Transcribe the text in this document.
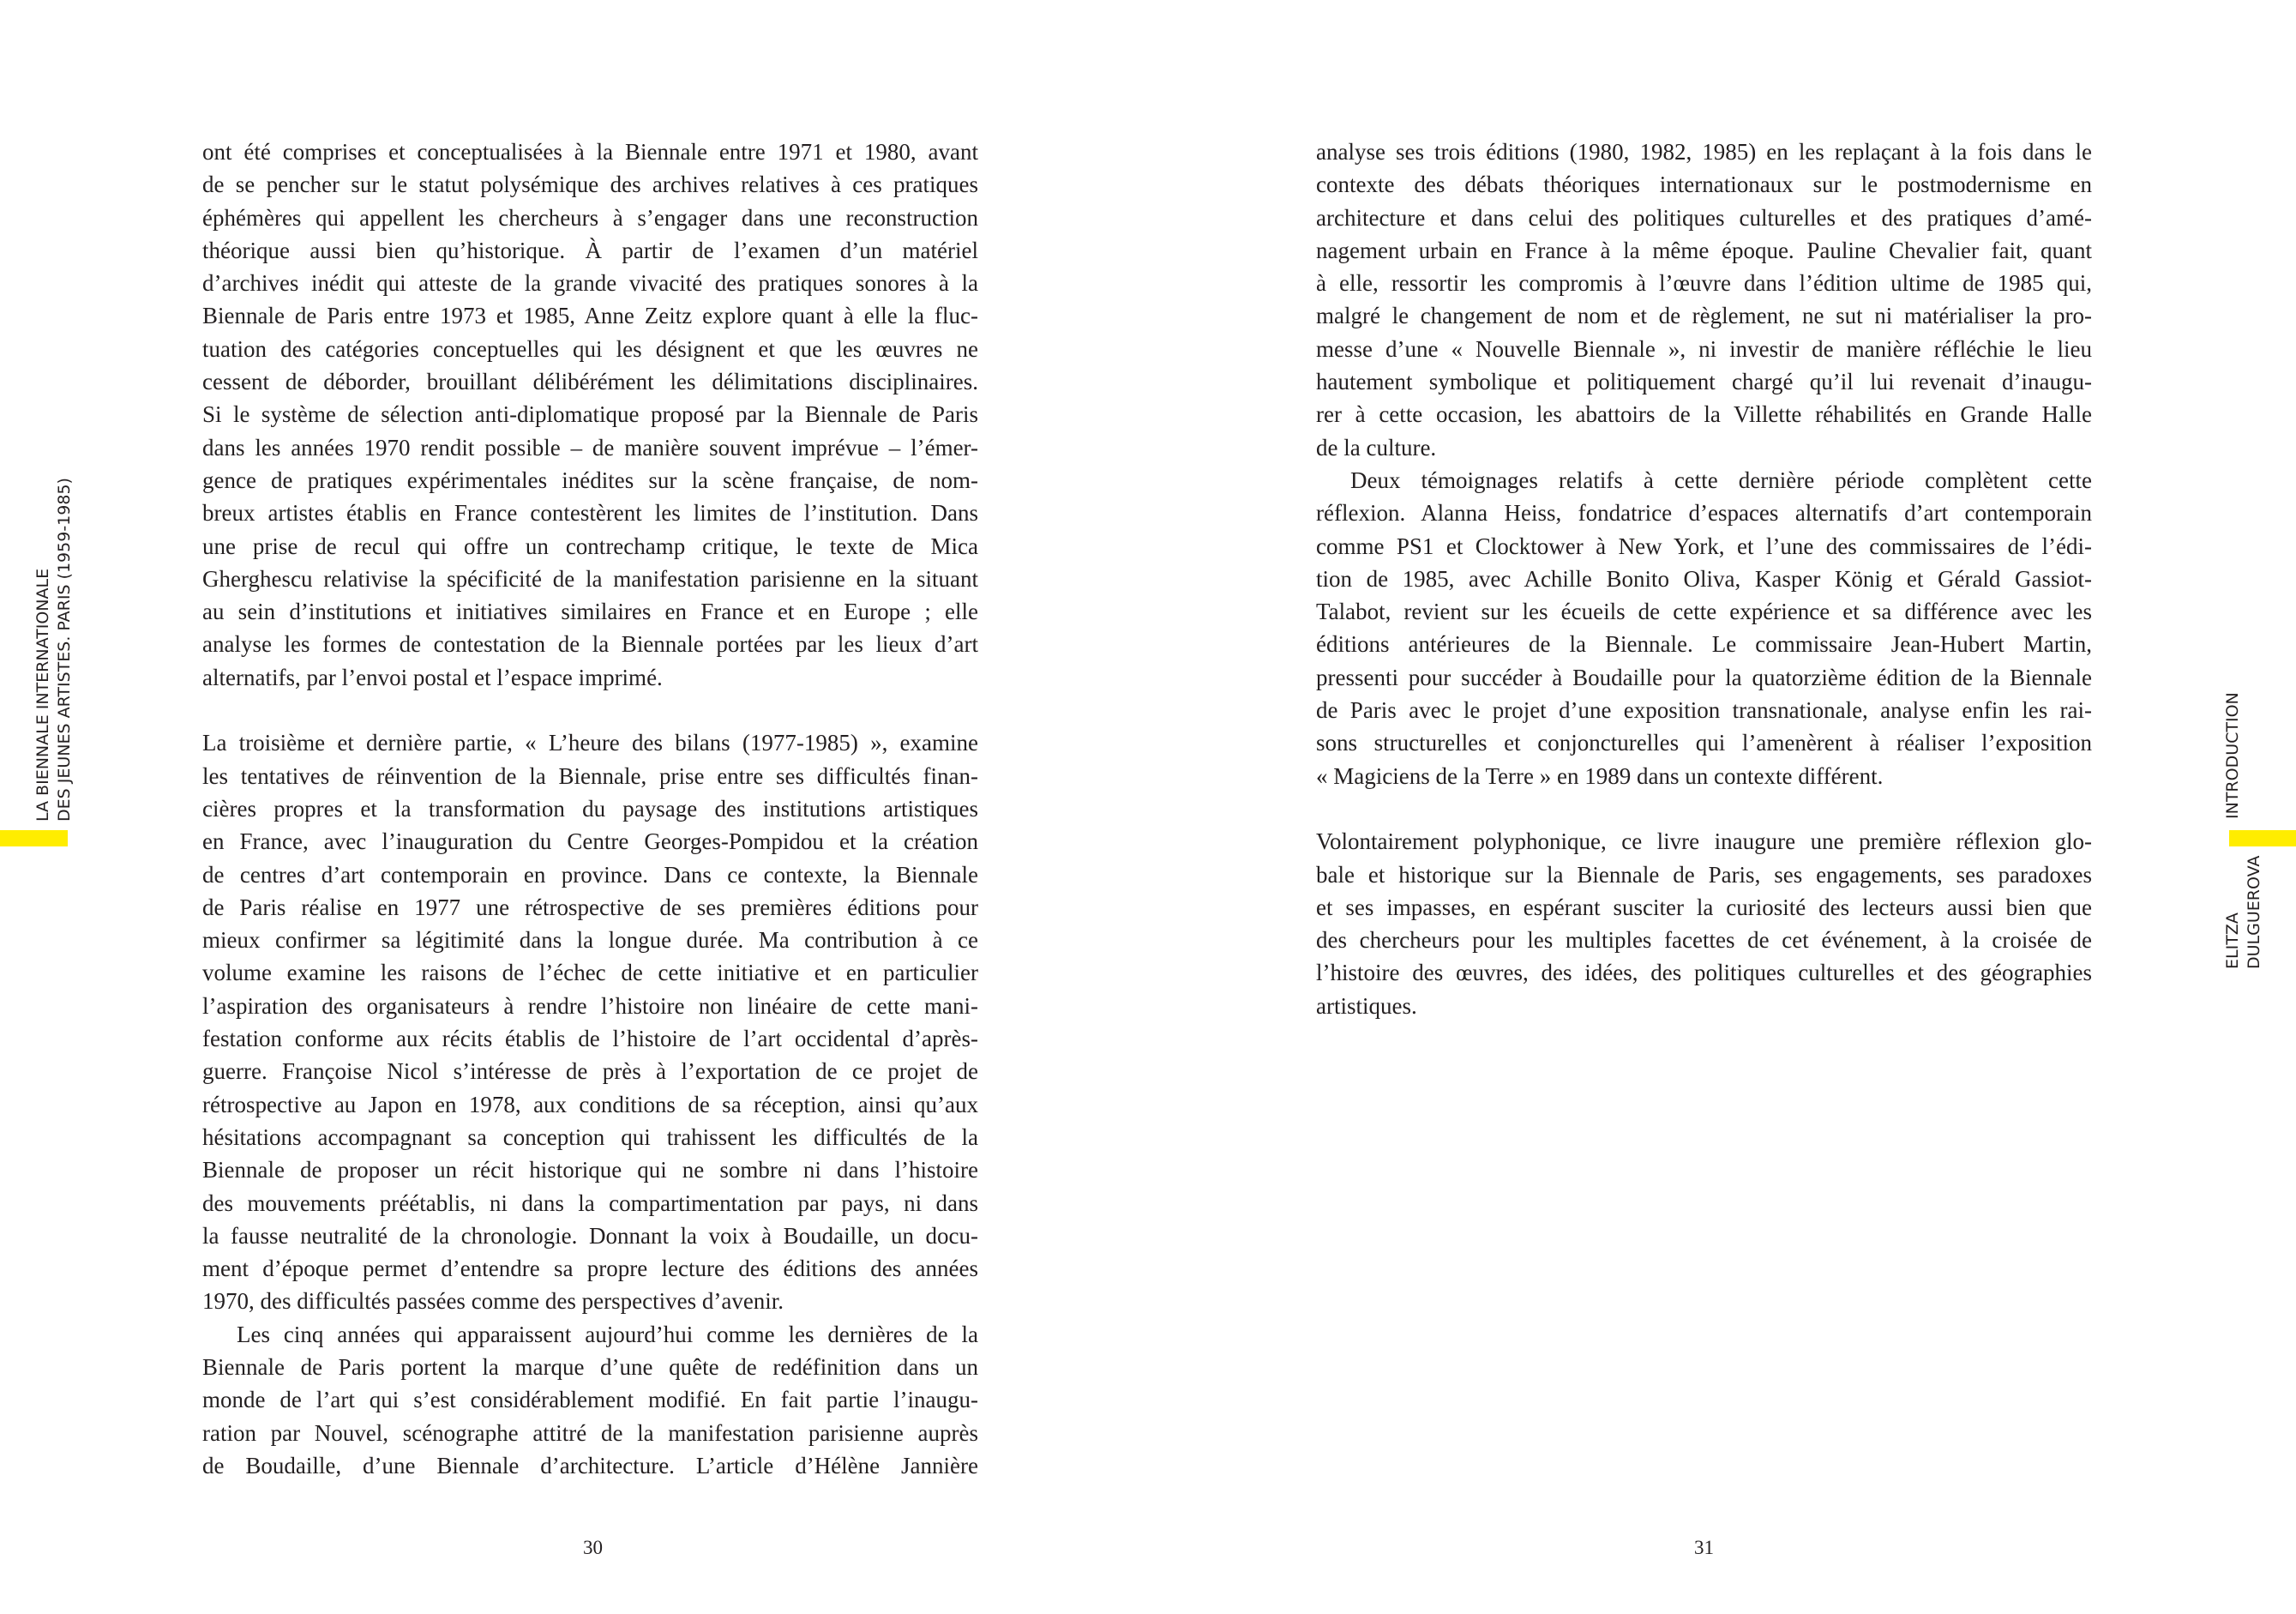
ont été comprises et conceptualisées à la Biennale entre 1971 et 1980, avant
de se pencher sur le statut polysémique des archives relatives à ces pratiques
éphémères qui appellent les chercheurs à s’engager dans une reconstruction
théorique aussi bien qu’historique. À partir de l’examen d’un matériel
d’archives inédit qui atteste de la grande vivacité des pratiques sonores à la
Biennale de Paris entre 1973 et 1985, Anne Zeitz explore quant à elle la fluc-
tuation des catégories conceptuelles qui les désignent et que les œuvres ne
cessent de déborder, brouillant délibérément les délimitations disciplinaires.
Si le système de sélection anti-diplomatique proposé par la Biennale de Paris
dans les années 1970 rendit possible – de manière souvent imprévue – l’émer-
gence de pratiques expérimentales inédites sur la scène française, de nom-
breux artistes établis en France contestèrent les limites de l’institution. Dans
une prise de recul qui offre un contrechamp critique, le texte de Mica
Gherghescu relativise la spécificité de la manifestation parisienne en la situant
au sein d’institutions et initiatives similaires en France et en Europe ; elle
analyse les formes de contestation de la Biennale portées par les lieux d’art
alternatifs, par l’envoi postal et l’espace imprimé.
La troisième et dernière partie, « L’heure des bilans (1977-1985) », examine
les tentatives de réinvention de la Biennale, prise entre ses difficultés finan-
cières propres et la transformation du paysage des institutions artistiques
en France, avec l’inauguration du Centre Georges-Pompidou et la création
de centres d’art contemporain en province. Dans ce contexte, la Biennale
de Paris réalise en 1977 une rétrospective de ses premières éditions pour
mieux confirmer sa légitimité dans la longue durée. Ma contribution à ce
volume examine les raisons de l’échec de cette initiative et en particulier
l’aspiration des organisateurs à rendre l’histoire non linéaire de cette mani-
festation conforme aux récits établis de l’histoire de l’art occidental d’après-
guerre. Françoise Nicol s’intéresse de près à l’exportation de ce projet de
rétrospective au Japon en 1978, aux conditions de sa réception, ainsi qu’aux
hésitations accompagnant sa conception qui trahissent les difficultés de la
Biennale de proposer un récit historique qui ne sombre ni dans l’histoire
des mouvements préétablis, ni dans la compartimentation par pays, ni dans
la fausse neutralité de la chronologie. Donnant la voix à Boudaille, un docu-
ment d’époque permet d’entendre sa propre lecture des éditions des années
1970, des difficultés passées comme des perspectives d’avenir.
Les cinq années qui apparaissent aujourd’hui comme les dernières de la
Biennale de Paris portent la marque d’une quête de redéfinition dans un
monde de l’art qui s’est considérablement modifié. En fait partie l’inaugu-
ration par Nouvel, scénographe attitré de la manifestation parisienne auprès
de Boudaille, d’une Biennale d’architecture. L’article d’Hélène Jannière
analyse ses trois éditions (1980, 1982, 1985) en les replaçant à la fois dans le
contexte des débats théoriques internationaux sur le postmodernisme en
architecture et dans celui des politiques culturelles et des pratiques d’amé-
nagement urbain en France à la même époque. Pauline Chevalier fait, quant
à elle, ressortir les compromis à l’œuvre dans l’édition ultime de 1985 qui,
malgré le changement de nom et de règlement, ne sut ni matérialiser la pro-
messe d’une « Nouvelle Biennale », ni investir de manière réfléchie le lieu
hautement symbolique et politiquement chargé qu’il lui revenait d’inaugu-
rer à cette occasion, les abattoirs de la Villette réhabilités en Grande Halle
de la culture.
Deux témoignages relatifs à cette dernière période complètent cette
réflexion. Alanna Heiss, fondatrice d’espaces alternatifs d’art contemporain
comme PS1 et Clocktower à New York, et l’une des commissaires de l’édi-
tion de 1985, avec Achille Bonito Oliva, Kasper König et Gérald Gassiot-
Talabot, revient sur les écueils de cette expérience et sa différence avec les
éditions antérieures de la Biennale. Le commissaire Jean-Hubert Martin,
pressenti pour succéder à Boudaille pour la quatorzième édition de la Biennale
de Paris avec le projet d’une exposition transnationale, analyse enfin les rai-
sons structurelles et conjoncturelles qui l’amenèrent à réaliser l’exposition
« Magiciens de la Terre » en 1989 dans un contexte différent.
Volontairement polyphonique, ce livre inaugure une première réflexion glo-
bale et historique sur la Biennale de Paris, ses engagements, ses paradoxes
et ses impasses, en espérant susciter la curiosité des lecteurs aussi bien que
des chercheurs pour les multiples facettes de cet événement, à la croisée de
l’histoire des œuvres, des idées, des politiques culturelles et des géographies
artistiques.
30	31
LA BIENNALE INTERNATIONALE DES JEUNES ARTISTES. PARIS (1959-1985)	INTRODUCTION
ELITZA DULGUEROVA
